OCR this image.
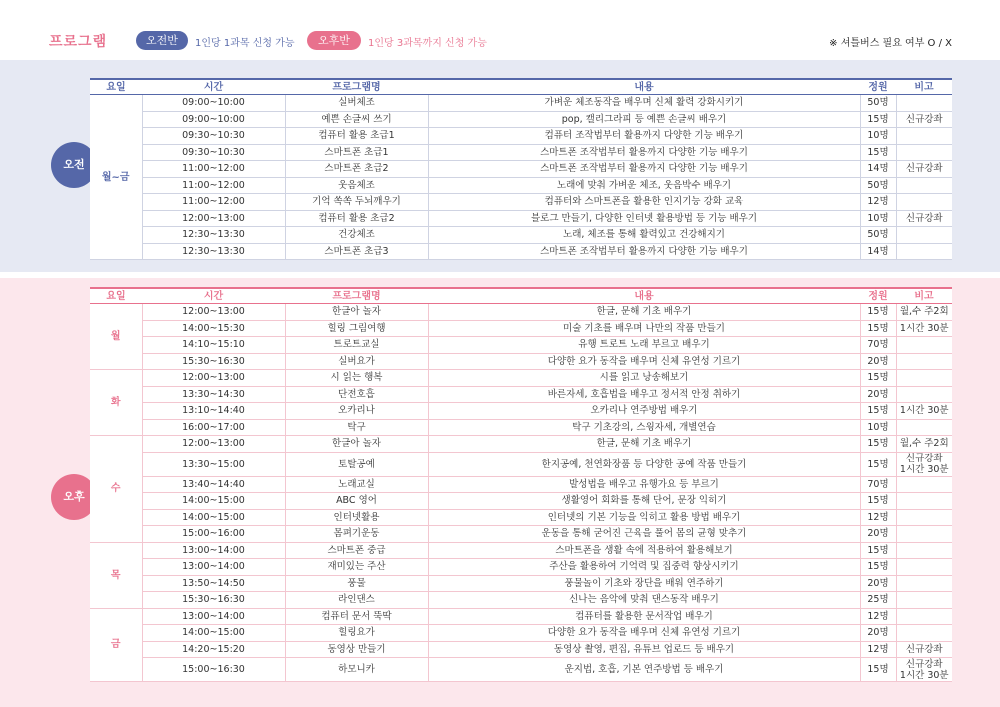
프로그램	오전반	1인당 1과목 신청 가능	오후반	1인당 3과목까지 신청 가능	※ 셔틀버스 필요 여부 O / X
오전
오후
요일	시간	프로그램명	내용	정원	비고
월~금	09:00~10:00	실버체조	가벼운 체조동작을 배우며 신체 활력 강화시키기	50명	
	09:00~10:00	예쁜 손글씨 쓰기	pop, 캘리그라피 등 예쁜 손글씨 배우기	15명	신규강좌
	09:30~10:30	컴퓨터 활용 초급1	컴퓨터 조작법부터 활용까지 다양한 기능 배우기	10명	
	09:30~10:30	스마트폰 초급1	스마트폰 조작법부터 활용까지 다양한 기능 배우기	15명	
	11:00~12:00	스마트폰 초급2	스마트폰 조작법부터 활용까지 다양한 기능 배우기	14명	신규강좌
	11:00~12:00	웃음체조	노래에 맞춰 가벼운 체조, 웃음박수 배우기	50명	
	11:00~12:00	기억 쏙쏙 두뇌깨우기	컴퓨터와 스마트폰을 활용한 인지기능 강화 교육	12명	
	12:00~13:00	컴퓨터 활용 초급2	블로그 만들기, 다양한 인터넷 활용방법 등 기능 배우기	10명	신규강좌
	12:30~13:30	건강체조	노래, 체조를 통해 활력있고 건강해지기	50명	
	12:30~13:30	스마트폰 초급3	스마트폰 조작법부터 활용까지 다양한 기능 배우기	14명	
요일	시간	프로그램명	내용	정원	비고
월	12:00~13:00	한글아 놀자	한글, 문해 기초 배우기	15명	월,수 주2회

	14:00~15:30	힐링 그림여행	미술 기초를 배우며 나만의 작품 만들기	15명	1시간 30분

	14:10~15:10	트로트교실	유행 트로트 노래 부르고 배우기	70명	
	15:30~16:30	실버요가	다양한 요가 동작을 배우며 신체 유연성 기르기	20명	
화	12:00~13:00	시 읽는 행복	시를 읽고 낭송해보기	15명	
	13:30~14:30	단전호흡	바른자세, 호흡법을 배우고 정서적 안정 취하기	20명	
	13:10~14:40	오카리나	오카리나 연주방법 배우기	15명	1시간 30분

	16:00~17:00	탁구	탁구 기초강의, 스윙자세, 개별연습	10명	
수	12:00~13:00	한글아 놀자	한글, 문해 기초 배우기	15명	월,수 주2회

	13:30~15:00	토탈공예	한지공예, 천연화장품 등 다양한 공예 작품 만들기	15명	신규강좌
1시간 30분

	13:40~14:40	노래교실	발성법을 배우고 유행가요 등 부르기	70명	
	14:00~15:00	ABC 영어	생활영어 회화를 통해 단어, 문장 익히기	15명	
	14:00~15:00	인터넷활용	인터넷의 기본 기능을 익히고 활용 방법 배우기	12명	
	15:00~16:00	몸펴기운동	운동을 통해 굳어진 근육을 풀어 몸의 균형 맞추기	20명	
목	13:00~14:00	스마트폰 중급	스마트폰을 생활 속에 적용하여 활용해보기	15명	
	13:00~14:00	재미있는 주산	주산을 활용하여 기억력 및 집중력 향상시키기	15명	
	13:50~14:50	풍물	풍물놀이 기초와 장단을 배워 연주하기	20명	
	15:30~16:30	라인댄스	신나는 음악에 맞춰 댄스동작 배우기	25명	
금	13:00~14:00	컴퓨터 문서 뚝딱	컴퓨터를 활용한 문서작업 배우기	12명	
	14:00~15:00	힐링요가	다양한 요가 동작을 배우며 신체 유연성 기르기	20명	
	14:20~15:20	동영상 만들기	동영상 촬영, 편집, 유튜브 업로드 등 배우기	12명	신규강좌

	15:00~16:30	하모니카	운지법, 호흡, 기본 연주방법 등 배우기	15명	신규강좌
1시간 30분
